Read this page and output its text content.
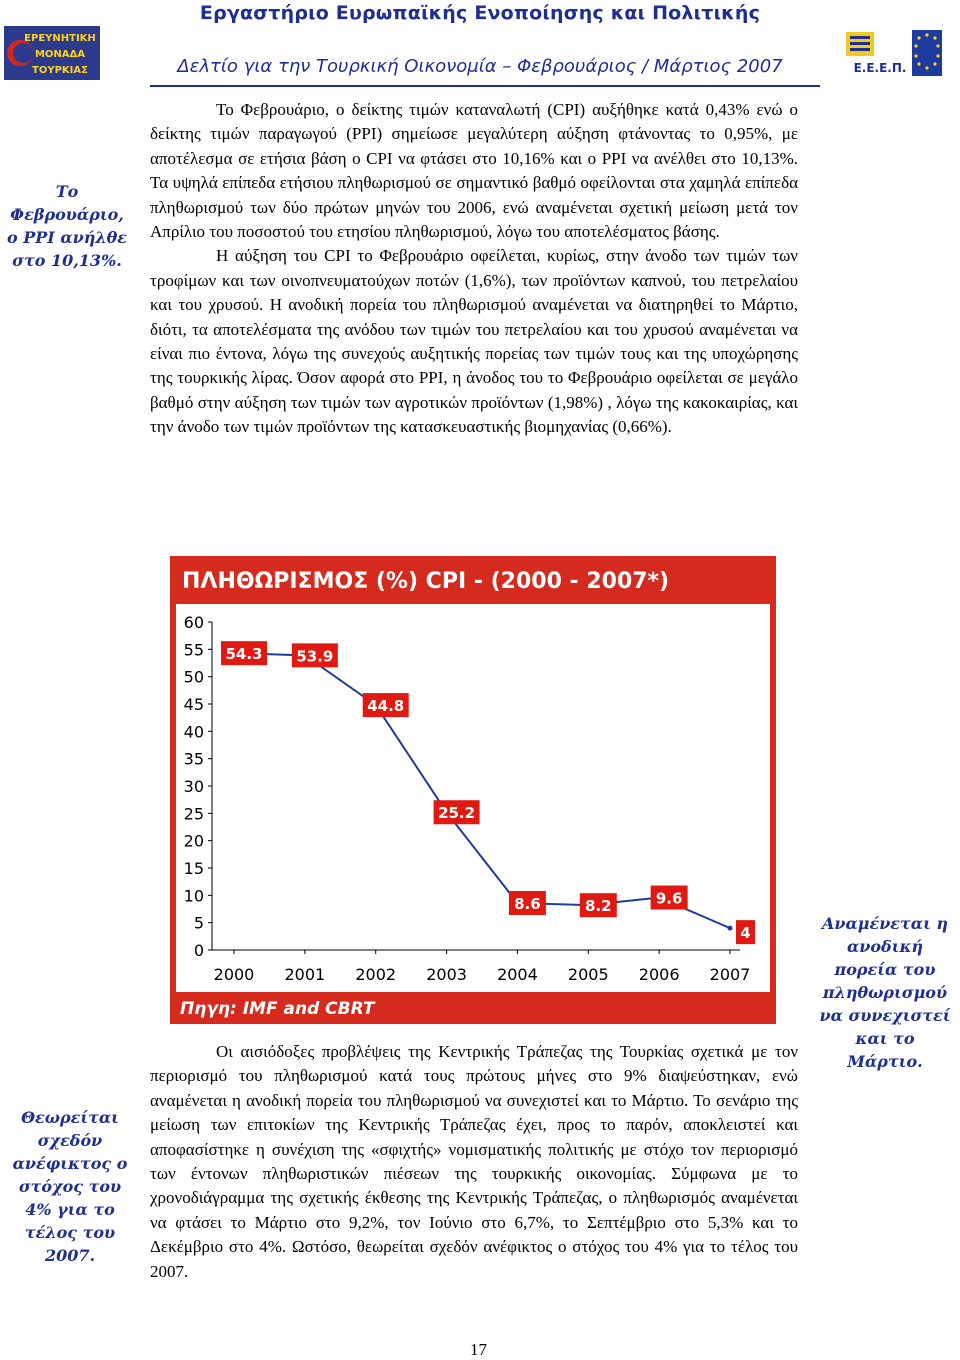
ΕΡΕΥΝΗΤΙΚΗ
ΜΟΝΑΔΑ
ΤΟΥΡΚΙΑΣ
Εργαστήριο Ευρωπαϊκής Ενοποίησης και Πολιτικής
Δελτίο για την Τουρκική Οικονομία – Φεβρουάριος / Μάρτιος 2007	Ε.Ε.Ε.Π.
Το Φεβρουάριο, ο PPI ανήλθε στο 10,13%.
Αναμένεται η ανοδική πορεία του πληθωρισμού να συνεχιστεί και το Μάρτιο.
Θεωρείται σχεδόν ανέφικτος ο στόχος του 4% για το τέλος του 2007.

Το Φεβρουάριο, ο δείκτης τιμών καταναλωτή (CPI) αυξήθηκε κατά 0,43% ενώ ο δείκτης τιμών παραγωγού (PPI) σημείωσε μεγαλύτερη αύξηση φτάνοντας το 0,95%, με αποτέλεσμα σε ετήσια βάση ο CPI να φτάσει στο 10,16% και ο PPI να ανέλθει στο 10,13%. Τα υψηλά επίπεδα ετήσιου πληθωρισμού σε σημαντικό βαθμό οφείλονται στα χαμηλά επίπεδα πληθωρισμού των δύο πρώτων μηνών του 2006, ενώ αναμένεται σχετική μείωση μετά τον Απρίλιο του ποσοστού του ετησίου πληθωρισμού, λόγω του αποτελέσματος βάσης.

Η αύξηση του CPI το Φεβρουάριο οφείλεται, κυρίως, στην άνοδο των τιμών των τροφίμων και των οινοπνευματούχων ποτών (1,6%), των προϊόντων καπνού, του πετρελαίου και του χρυσού. Η ανοδική πορεία του πληθωρισμού αναμένεται να διατηρηθεί το Μάρτιο, διότι, τα αποτελέσματα της ανόδου των τιμών του πετρελαίου και του χρυσού αναμένεται να είναι πιο έντονα, λόγω της συνεχούς αυξητικής πορείας των τιμών τους και της υποχώρησης της τουρκικής λίρας. Όσον αφορά στο PPI, η άνοδος του το Φεβρουάριο οφείλεται σε μεγάλο βαθμό στην αύξηση των τιμών των αγροτικών προϊόντων (1,98%) , λόγω της κακοκαιρίας, και την άνοδο των τιμών προϊόντων της κατασκευαστικής βιομηχανίας (0,66%).

ΠΛΗΘΩΡΙΣΜΟΣ (%) CPI - (2000 - 2007*)
0
5
10
15
20
25
30
35
40
45
50
55
60
2000 2001 2002 2003 2004 2005 2006 2007
54.3 53.9
44.8
25.2
8.6	8.2	9.6
4
Πηγη: IMF and CBRT

Οι αισιόδοξες προβλέψεις της Κεντρικής Τράπεζας της Τουρκίας σχετικά με τον περιορισμό του πληθωρισμού κατά τους πρώτους μήνες στο 9% διαψεύστηκαν, ενώ αναμένεται η ανοδική πορεία του πληθωρισμού να συνεχιστεί και το Μάρτιο. Το σενάριο της μείωση των επιτοκίων της Κεντρικής Τράπεζας έχει, προς το παρόν, αποκλειστεί και αποφασίστηκε η συνέχιση της «σφιχτής» νομισματικής πολιτικής με στόχο τον περιορισμό των έντονων πληθωριστικών πιέσεων της τουρκικής οικονομίας. Σύμφωνα με το χρονοδιάγραμμα της σχετικής έκθεσης της Κεντρικής Τράπεζας, ο πληθωρισμός αναμένεται να φτάσει το Μάρτιο στο 9,2%, τον Ιούνιο στο 6,7%, το Σεπτέμβριο στο 5,3% και το Δεκέμβριο στο 4%. Ωστόσο, θεωρείται σχεδόν ανέφικτος ο στόχος του 4% για το τέλος του 2007.

17
